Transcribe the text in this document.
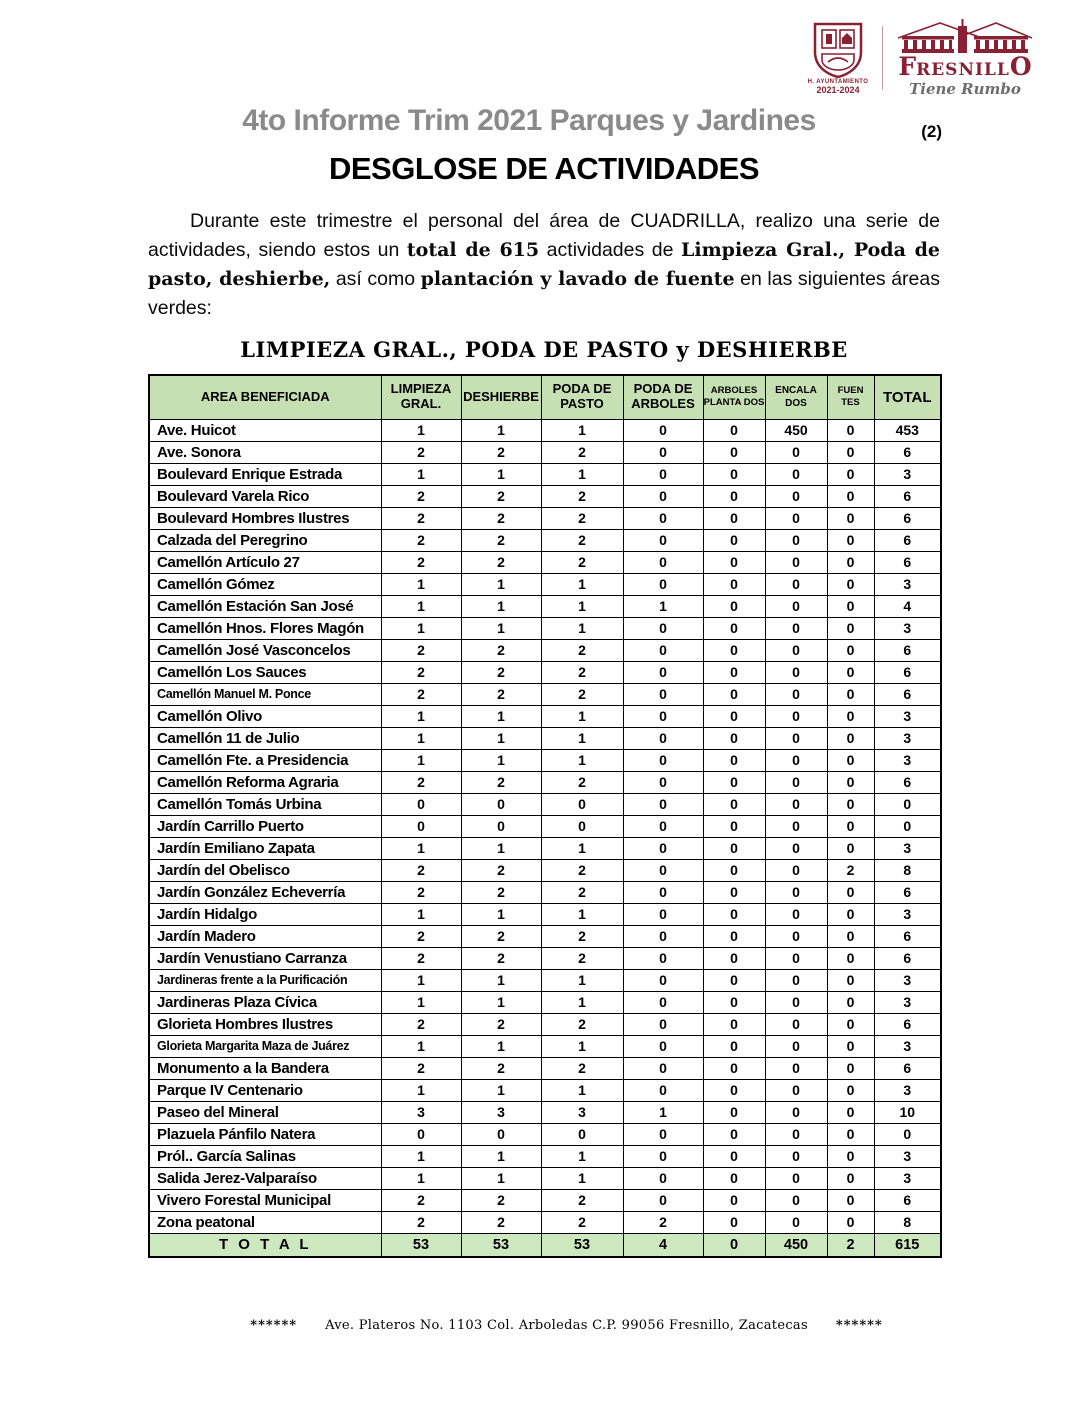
H. AYUNTAMIENTO
2021-2024
FRESNILLO
Tiene Rumbo
(2)
4to Informe Trim 2021 Parques y Jardines
DESGLOSE DE ACTIVIDADES

Durante este trimestre el personal del área de CUADRILLA, realizo una serie de actividades, siendo estos un total de 615 actividades de Limpieza Gral., Poda de pasto, deshierbe, así como plantación y lavado de fuente en las siguientes áreas verdes:

LIMPIEZA GRAL., PODA DE PASTO y DESHIERBE
AREA BENEFICIADA	LIMPIEZA GRAL.	DESHIERBE	PODA DE PASTO	PODA DE ARBOLES	ARBOLES PLANTA DOS	ENCALA DOS	FUEN TES	TOTAL
Ave. Huicot	1	1	1	0	0	450	0	453
Ave. Sonora	2	2	2	0	0	0	0	6
Boulevard Enrique Estrada	1	1	1	0	0	0	0	3
Boulevard Varela Rico	2	2	2	0	0	0	0	6
Boulevard Hombres Ilustres	2	2	2	0	0	0	0	6
Calzada del Peregrino	2	2	2	0	0	0	0	6
Camellón Artículo 27	2	2	2	0	0	0	0	6
Camellón Gómez	1	1	1	0	0	0	0	3
Camellón Estación San José	1	1	1	1	0	0	0	4
Camellón Hnos. Flores Magón	1	1	1	0	0	0	0	3
Camellón José Vasconcelos	2	2	2	0	0	0	0	6
Camellón Los Sauces	2	2	2	0	0	0	0	6
Camellón Manuel M. Ponce	2	2	2	0	0	0	0	6
Camellón Olivo	1	1	1	0	0	0	0	3
Camellón 11 de Julio	1	1	1	0	0	0	0	3
Camellón Fte. a Presidencia	1	1	1	0	0	0	0	3
Camellón Reforma Agraria	2	2	2	0	0	0	0	6
Camellón Tomás Urbina	0	0	0	0	0	0	0	0
Jardín Carrillo Puerto	0	0	0	0	0	0	0	0
Jardín Emiliano Zapata	1	1	1	0	0	0	0	3
Jardín del Obelisco	2	2	2	0	0	0	2	8
Jardín González Echeverría	2	2	2	0	0	0	0	6
Jardín Hidalgo	1	1	1	0	0	0	0	3
Jardín Madero	2	2	2	0	0	0	0	6
Jardín Venustiano Carranza	2	2	2	0	0	0	0	6
Jardineras frente a la Purificación	1	1	1	0	0	0	0	3
Jardineras Plaza Cívica	1	1	1	0	0	0	0	3
Glorieta Hombres Ilustres	2	2	2	0	0	0	0	6
Glorieta Margarita Maza de Juárez	1	1	1	0	0	0	0	3
Monumento a la Bandera	2	2	2	0	0	0	0	6
Parque IV Centenario	1	1	1	0	0	0	0	3
Paseo del Mineral	3	3	3	1	0	0	0	10
Plazuela Pánfilo Natera	0	0	0	0	0	0	0	0
Pról.. García Salinas	1	1	1	0	0	0	0	3
Salida Jerez-Valparaíso	1	1	1	0	0	0	0	3
Vivero Forestal Municipal	2	2	2	0	0	0	0	6
Zona peatonal	2	2	2	2	0	0	0	8
T O T A L	53	53	53	4	0	450	2	615
****** Ave. Plateros No. 1103 Col. Arboledas C.P. 99056 Fresnillo, Zacatecas ******
